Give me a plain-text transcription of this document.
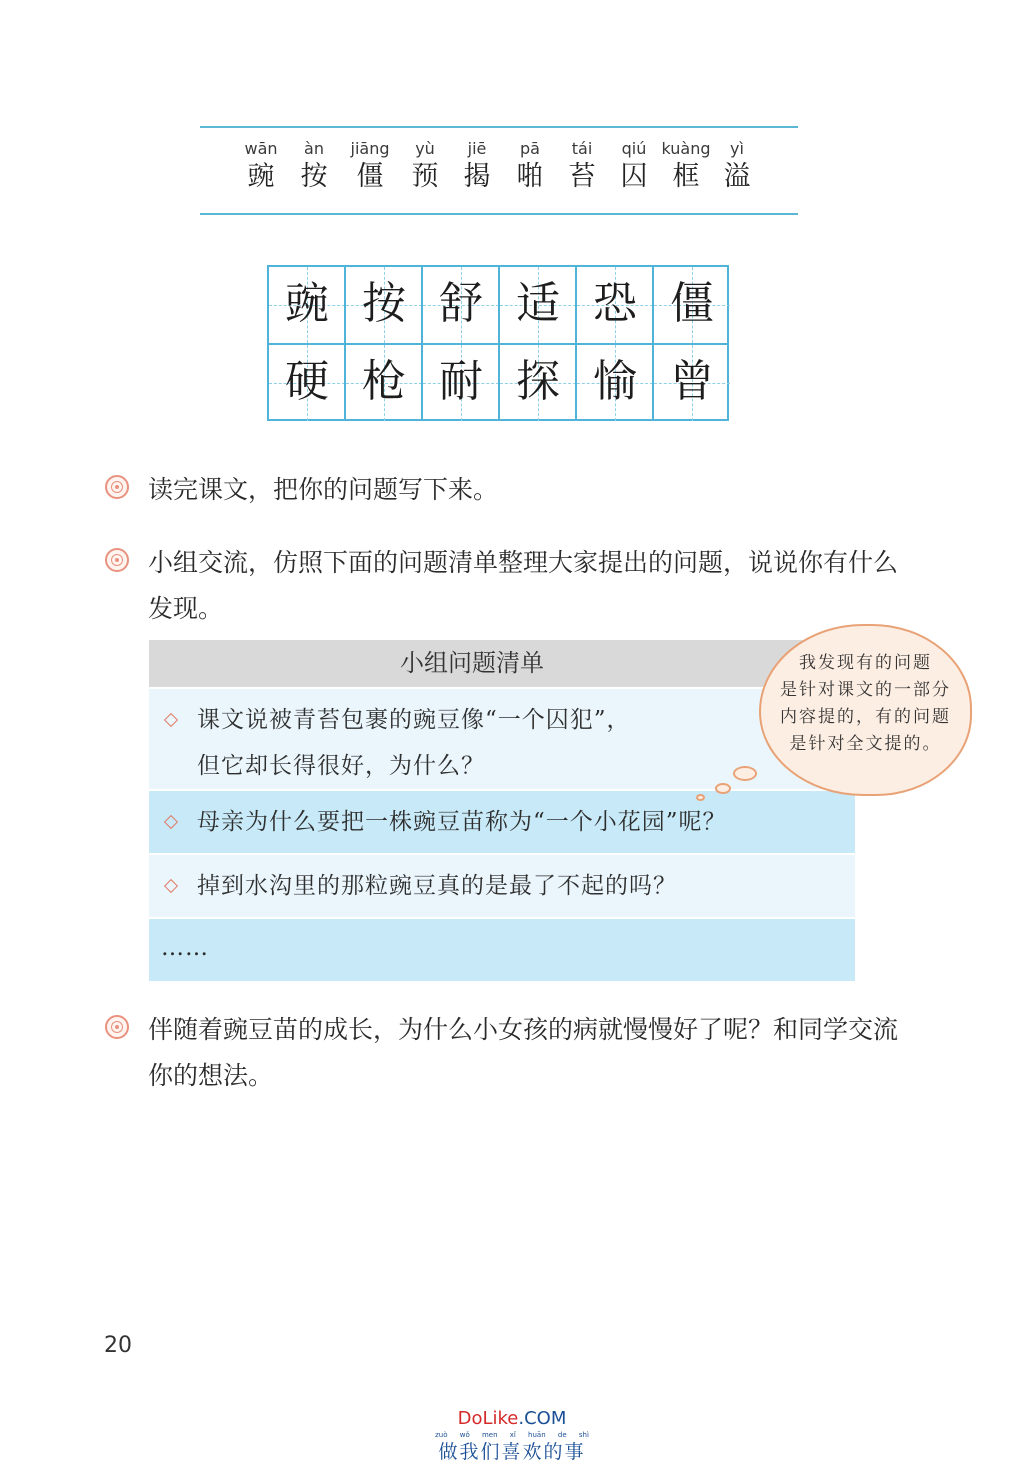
wān
豌
àn
按
jiāng
僵
yù
预
jiē
揭
pā
啪
tái
苔
qiú
囚
kuàng
框
yì
溢
豌 按 舒 适 恐 僵
硬 枪 耐 探 愉 曾
读完课文，把你的问题写下来。
小组交流，仿照下面的问题清单整理大家提出的问题，说说你有什么发现。
小组问题清单
课文说被青苔包裹的豌豆像“一个囚犯”，
但它却长得很好，为什么？
母亲为什么要把一株豌豆苗称为“一个小花园”呢？
掉到水沟里的那粒豌豆真的是最了不起的吗？
……
我发现有的问题
是针对课文的一部分
内容提的，有的问题
是针对全文提的。
伴随着豌豆苗的成长，为什么小女孩的病就慢慢好了呢？和同学交流你的想法。
20
DoLike.COM
zuò wǒ men xǐ huān de shì
做我们喜欢的事
